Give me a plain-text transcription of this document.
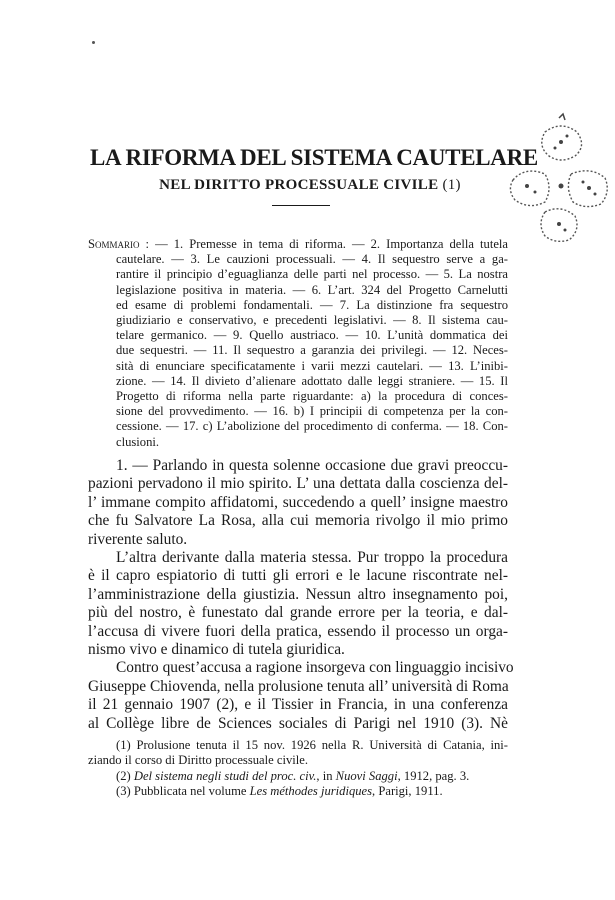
LA RIFORMA DEL SISTEMA CAUTELARE
NEL DIRITTO PROCESSUALE CIVILE (1)
Sommario : — 1. Premesse in tema di riforma. — 2. Importanza della tutela
cautelare. — 3. Le cauzioni processuali. — 4. Il sequestro serve a ga-
rantire il principio d’eguaglianza delle parti nel processo. — 5. La nostra
legislazione positiva in materia. — 6. L’art. 324 del Progetto Carnelutti
ed esame di problemi fondamentali. — 7. La distinzione fra sequestro
giudiziario e conservativo, e precedenti legislativi. — 8. Il sistema cau-
telare germanico. — 9. Quello austriaco. — 10. L’unità dommatica dei
due sequestri. — 11. Il sequestro a garanzia dei privilegi. — 12. Neces-
sità di enunciare specificatamente i varii mezzi cautelari. — 13. L’inibi-
zione. — 14. Il divieto d’alienare adottato dalle leggi straniere. — 15. Il
Progetto di riforma nella parte riguardante: a) la procedura di conces-
sione del provvedimento. — 16. b) I principii di competenza per la con-
cessione. — 17. c) L’abolizione del procedimento di conferma. — 18. Con-
clusioni.
1. — Parlando in questa solenne occasione due gravi preoccu-
pazioni pervadono il mio spirito. L’ una dettata dalla coscienza del-
l’ immane compito affidatomi, succedendo a quell’ insigne maestro
che fu Salvatore La Rosa, alla cui memoria rivolgo il mio primo
riverente saluto.
L’altra derivante dalla materia stessa. Pur troppo la procedura
è il capro espiatorio di tutti gli errori e le lacune riscontrate nel-
l’amministrazione della giustizia. Nessun altro insegnamento poi,
più del nostro, è funestato dal grande errore per la teoria, e dal-
l’accusa di vivere fuori della pratica, essendo il processo un orga-
nismo vivo e dinamico di tutela giuridica.
Contro quest’accusa a ragione insorgeva con linguaggio incisivo
Giuseppe Chiovenda, nella prolusione tenuta all’ università di Roma
il 21 gennaio 1907 (2), e il Tissier in Francia, in una conferenza
al Collège libre de Sciences sociales di Parigi nel 1910 (3). Nè
(1) Prolusione tenuta il 15 nov. 1926 nella R. Università di Catania, ini-
ziando il corso di Diritto processuale civile.
(2) Del sistema negli studi del proc. civ., in Nuovi Saggi, 1912, pag. 3.
(3) Pubblicata nel volume Les méthodes juridiques, Parigi, 1911.
